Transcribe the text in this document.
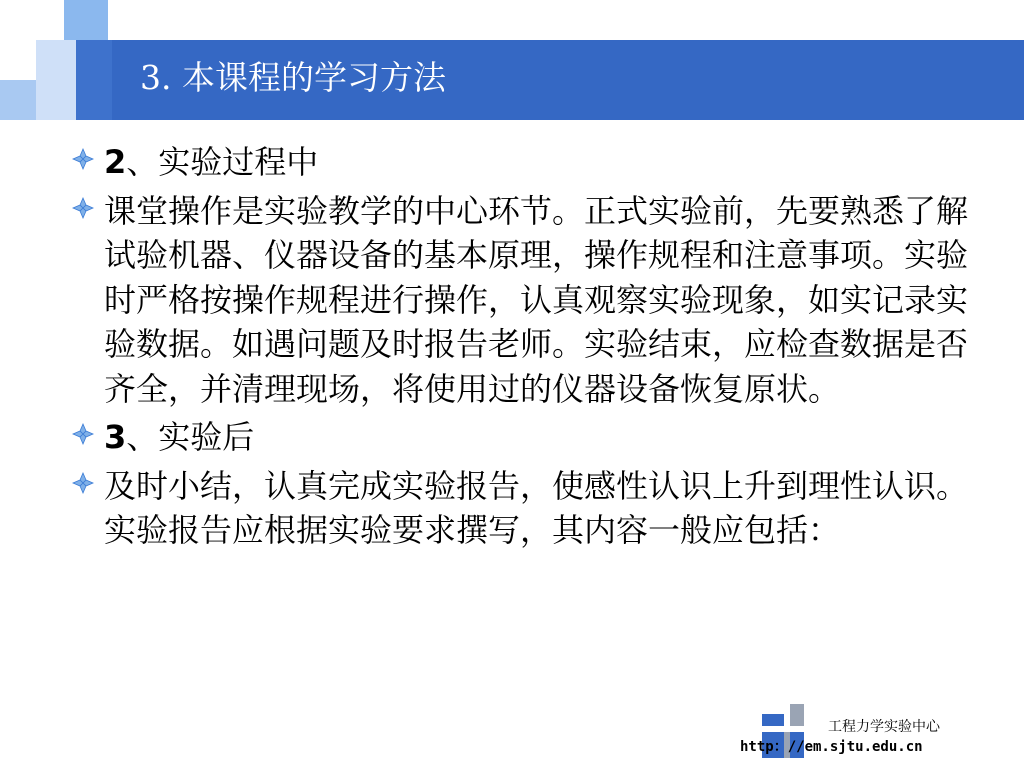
3. 本课程的学习方法
2、实验过程中
课堂操作是实验教学的中心环节。正式实验前，先要熟悉了解试验机器、仪器设备的基本原理，操作规程和注意事项。实验时严格按操作规程进行操作，认真观察实验现象，如实记录实验数据。如遇问题及时报告老师。实验结束，应检查数据是否齐全，并清理现场，将使用过的仪器设备恢复原状。
3、实验后
及时小结，认真完成实验报告，使感性认识上升到理性认识。实验报告应根据实验要求撰写，其内容一般应包括：
工程力学实验中心
http：//em.sjtu.edu.cn
